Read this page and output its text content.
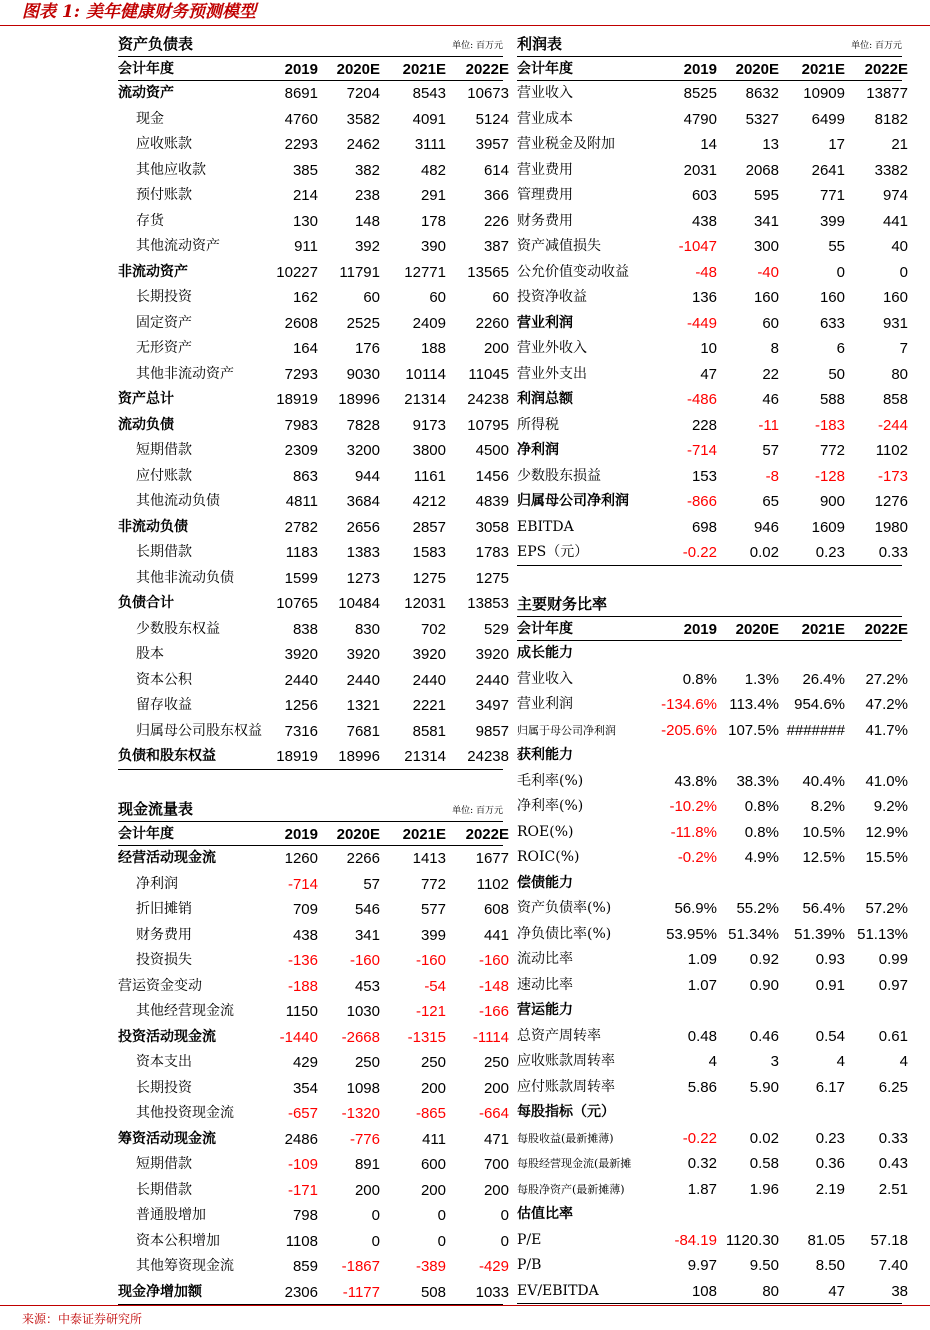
图表 1: 美年健康财务预测模型
资产负债表	单位: 百万元
会计年度	2019	2020E	2021E	2022E
流动资产	8691	7204	8543	10673
现金	4760	3582	4091	5124
应收账款	2293	2462	3111	3957
其他应收款	385	382	482	614
预付账款	214	238	291	366
存货	130	148	178	226
其他流动资产	911	392	390	387
非流动资产	10227	11791	12771	13565
长期投资	162	60	60	60
固定资产	2608	2525	2409	2260
无形资产	164	176	188	200
其他非流动资产	7293	9030	10114	11045
资产总计	18919	18996	21314	24238
流动负债	7983	7828	9173	10795
短期借款	2309	3200	3800	4500
应付账款	863	944	1161	1456
其他流动负债	4811	3684	4212	4839
非流动负债	2782	2656	2857	3058
长期借款	1183	1383	1583	1783
其他非流动负债	1599	1273	1275	1275
负债合计	10765	10484	12031	13853
少数股东权益	838	830	702	529
股本	3920	3920	3920	3920
资本公积	2440	2440	2440	2440
留存收益	1256	1321	2221	3497
归属母公司股东权益	7316	7681	8581	9857
负债和股东权益	18919	18996	21314	24238
现金流量表	单位: 百万元
会计年度	2019	2020E	2021E	2022E
经营活动现金流	1260	2266	1413	1677
净利润	-714	57	772	1102
折旧摊销	709	546	577	608
财务费用	438	341	399	441
投资损失	-136	-160	-160	-160
营运资金变动	-188	453	-54	-148
其他经营现金流	1150	1030	-121	-166
投资活动现金流	-1440	-2668	-1315	-1114
资本支出	429	250	250	250
长期投资	354	1098	200	200
其他投资现金流	-657	-1320	-865	-664
筹资活动现金流	2486	-776	411	471
短期借款	-109	891	600	700
长期借款	-171	200	200	200
普通股增加	798	0	0	0
资本公积增加	1108	0	0	0
其他筹资现金流	859	-1867	-389	-429
现金净增加额	2306	-1177	508	1033
利润表	单位: 百万元
会计年度	2019	2020E	2021E	2022E
营业收入	8525	8632	10909	13877
营业成本	4790	5327	6499	8182
营业税金及附加	14	13	17	21
营业费用	2031	2068	2641	3382
管理费用	603	595	771	974
财务费用	438	341	399	441
资产减值损失	-1047	300	55	40
公允价值变动收益	-48	-40	0	0
投资净收益	136	160	160	160
营业利润	-449	60	633	931
营业外收入	10	8	6	7
营业外支出	47	22	50	80
利润总额	-486	46	588	858
所得税	228	-11	-183	-244
净利润	-714	57	772	1102
少数股东损益	153	-8	-128	-173
归属母公司净利润	-866	65	900	1276
EBITDA	698	946	1609	1980
EPS（元）	-0.22	0.02	0.23	0.33
主要财务比率
会计年度	2019	2020E	2021E	2022E
成长能力
营业收入	0.8%	1.3%	26.4%	27.2%
营业利润	-134.6% 113.4%	954.6%	47.2%
归属于母公司净利润	-205.6% 107.5% #######	41.7%
获利能力
毛利率(%)	43.8%	38.3%	40.4%	41.0%
净利率(%)	-10.2%	0.8%	8.2%	9.2%
ROE(%)	-11.8%	0.8%	10.5%	12.9%
ROIC(%)	-0.2%	4.9%	12.5%	15.5%
偿债能力
资产负债率(%)	56.9%	55.2%	56.4%	57.2%
净负债比率(%)	53.95% 51.34%	51.39% 51.13%
流动比率	1.09	0.92	0.93	0.99
速动比率	1.07	0.90	0.91	0.97
营运能力
总资产周转率	0.48	0.46	0.54	0.61
应收账款周转率	4	3	4	4
应付账款周转率	5.86	5.90	6.17	6.25
每股指标（元）
每股收益(最新摊薄)	-0.22	0.02	0.23	0.33
每股经营现金流(最新摊	0.32	0.58	0.36	0.43
每股净资产(最新摊薄)	1.87	1.96	2.19	2.51
估值比率
P/E	-84.19 1120.30	81.05	57.18
P/B	9.97	9.50	8.50	7.40
EV/EBITDA	108	80	47	38
来源：中泰证券研究所
